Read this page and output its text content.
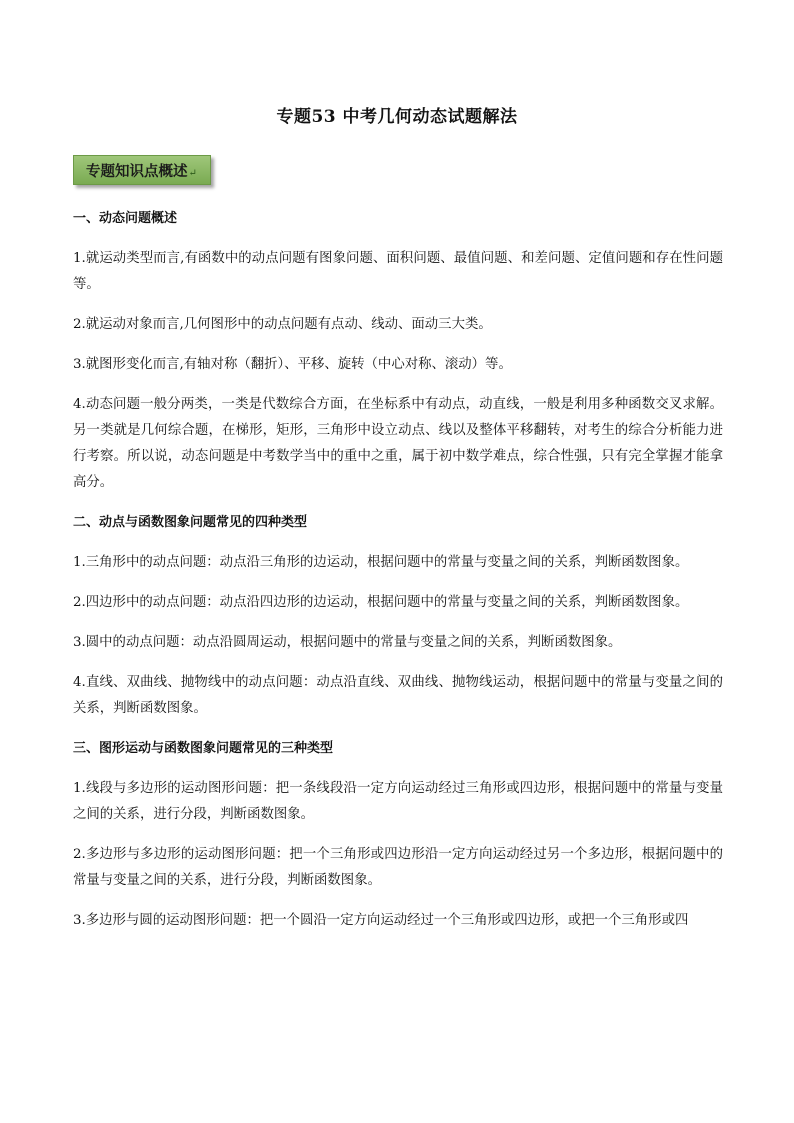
专题53 中考几何动态试题解法
专题知识点概述 ↵
一、动态问题概述
1.就运动类型而言,有函数中的动点问题有图象问题、面积问题、最值问题、和差问题、定值问题和存在性问题等。
2.就运动对象而言,几何图形中的动点问题有点动、线动、面动三大类。
3.就图形变化而言,有轴对称（翻折）、平移、旋转（中心对称、滚动）等。
4.动态问题一般分两类，一类是代数综合方面，在坐标系中有动点，动直线，一般是利用多种函数交叉求解。另一类就是几何综合题，在梯形，矩形，三角形中设立动点、线以及整体平移翻转，对考生的综合分析能力进行考察。所以说，动态问题是中考数学当中的重中之重，属于初中数学难点，综合性强，只有完全掌握才能拿高分。
二、动点与函数图象问题常见的四种类型
1.三角形中的动点问题：动点沿三角形的边运动，根据问题中的常量与变量之间的关系，判断函数图象。
2.四边形中的动点问题：动点沿四边形的边运动，根据问题中的常量与变量之间的关系，判断函数图象。
3.圆中的动点问题：动点沿圆周运动，根据问题中的常量与变量之间的关系，判断函数图象。
4.直线、双曲线、抛物线中的动点问题：动点沿直线、双曲线、抛物线运动，根据问题中的常量与变量之间的关系，判断函数图象。
三、图形运动与函数图象问题常见的三种类型
1.线段与多边形的运动图形问题：把一条线段沿一定方向运动经过三角形或四边形，根据问题中的常量与变量之间的关系，进行分段，判断函数图象。
2.多边形与多边形的运动图形问题：把一个三角形或四边形沿一定方向运动经过另一个多边形，根据问题中的常量与变量之间的关系，进行分段，判断函数图象。
3.多边形与圆的运动图形问题：把一个圆沿一定方向运动经过一个三角形或四边形，或把一个三角形或四
